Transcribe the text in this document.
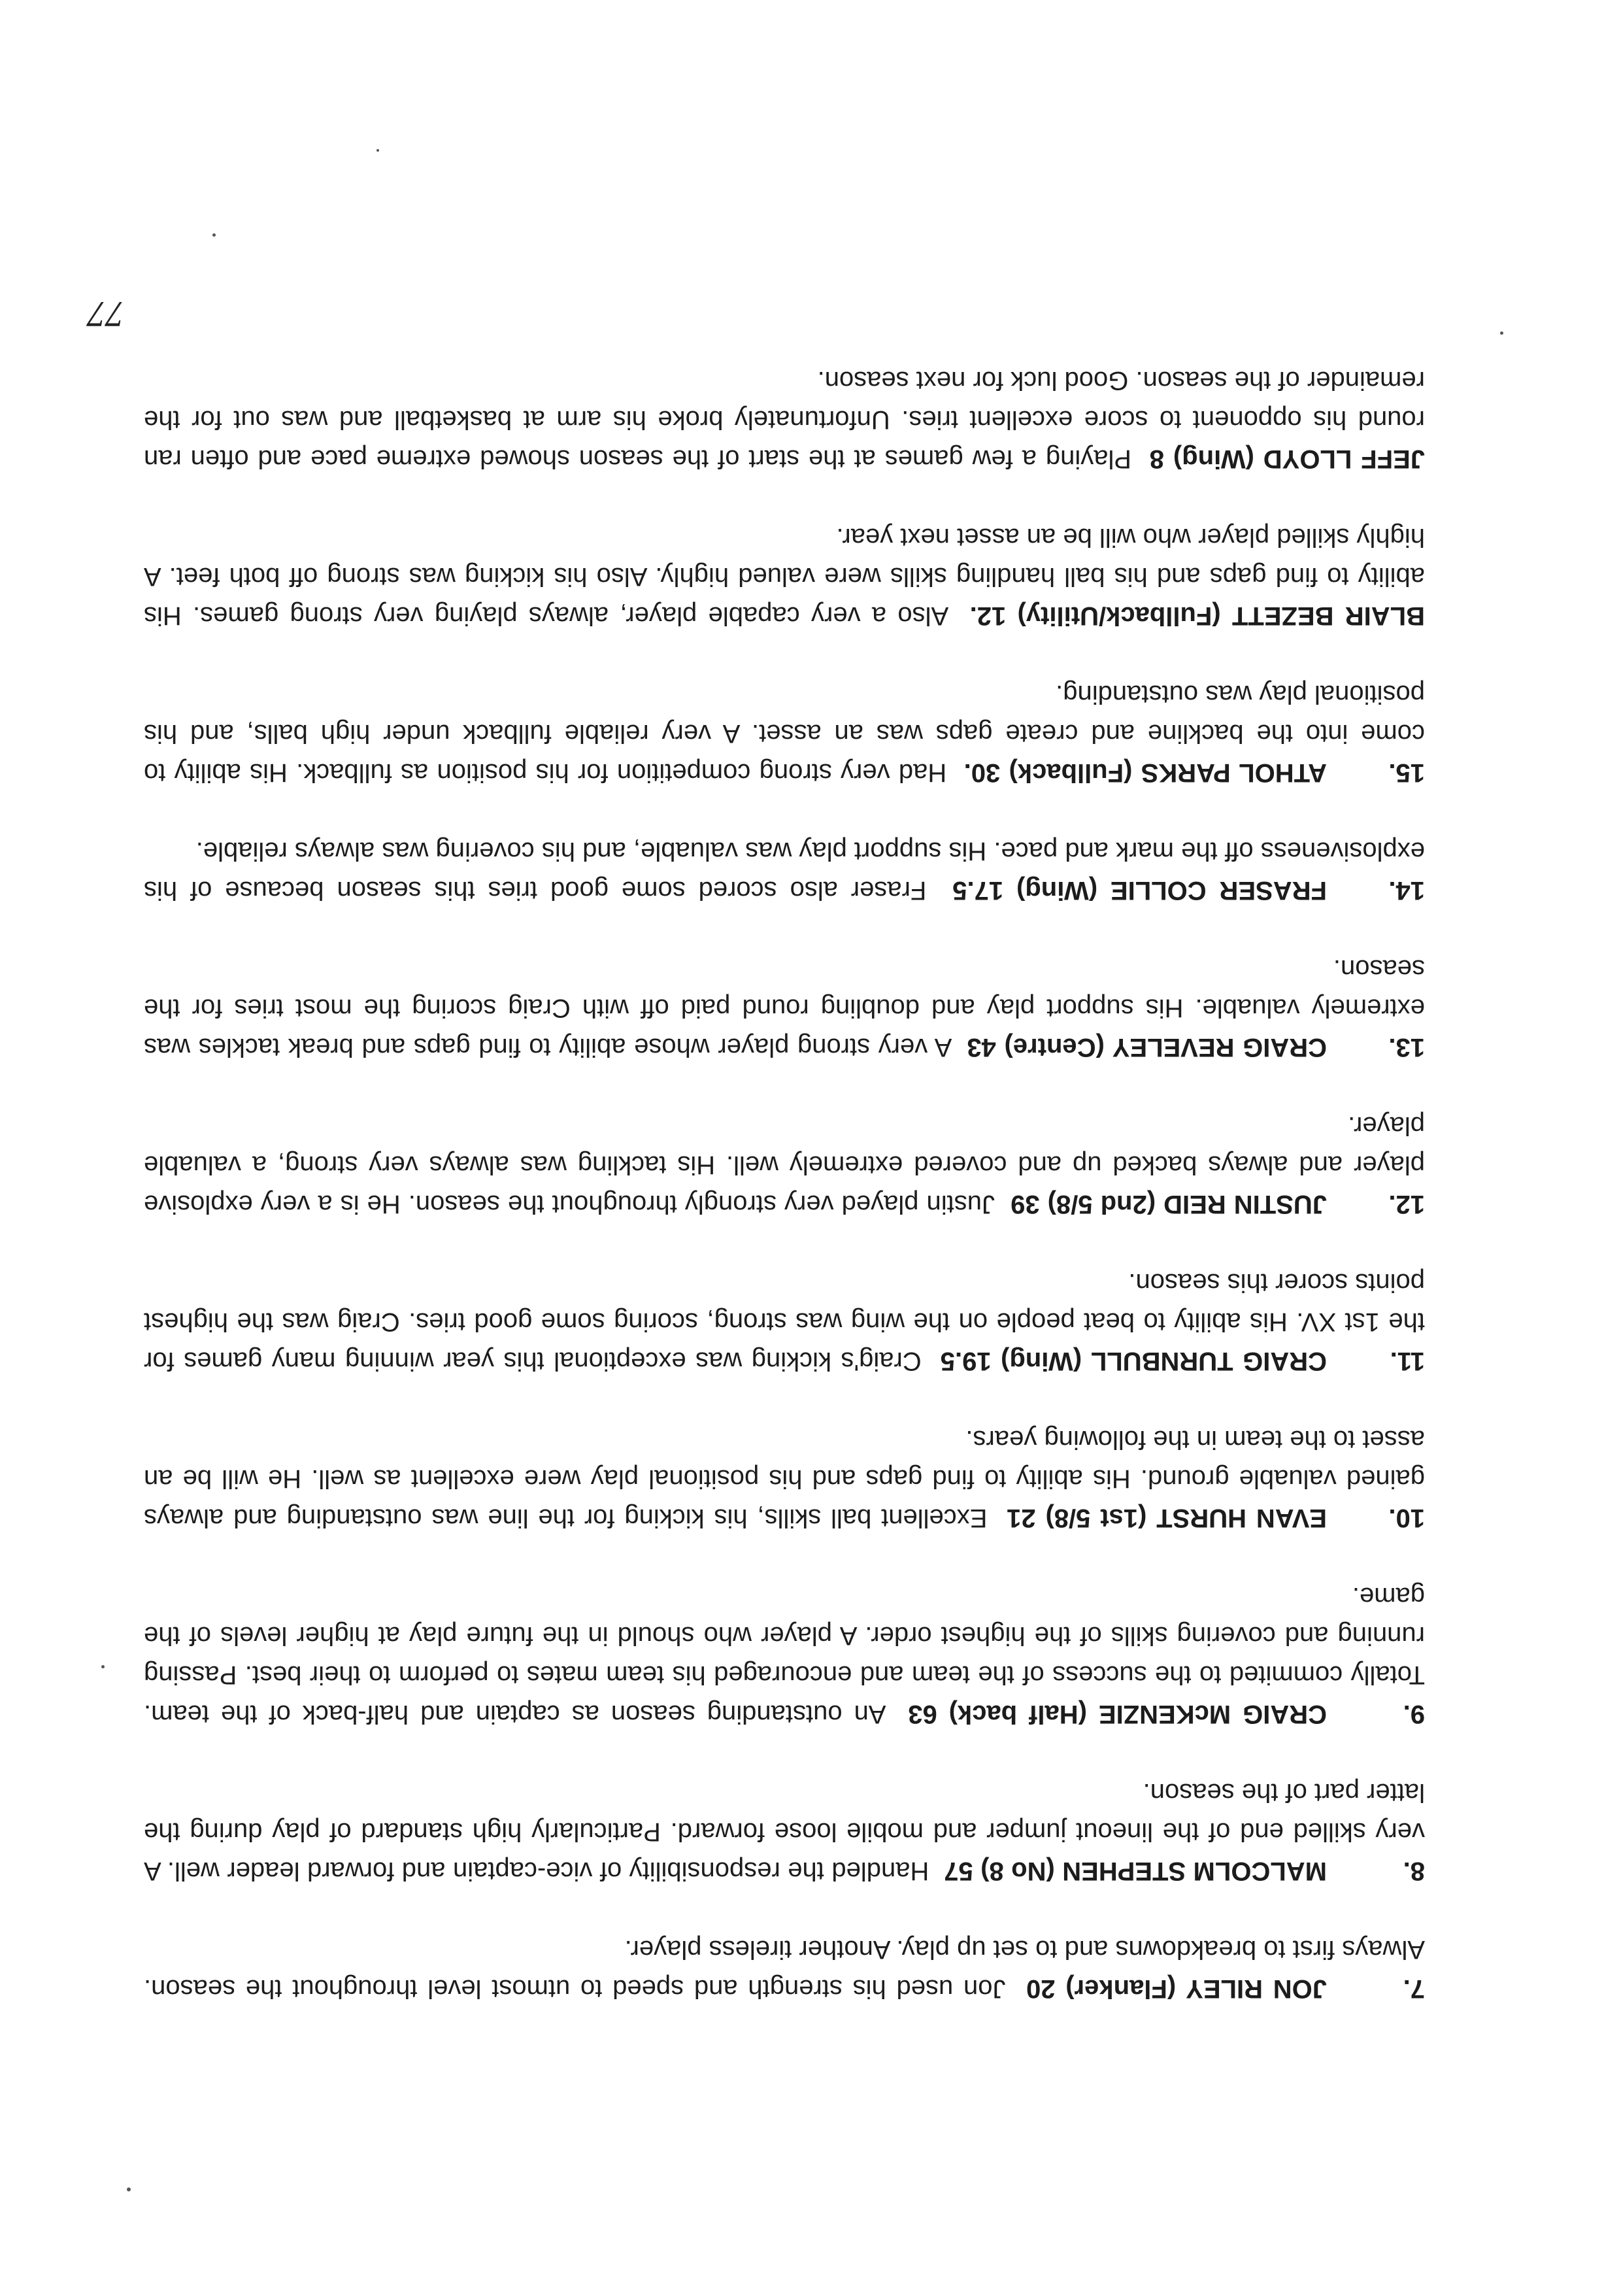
7.JON RILEY (Flanker) 20  Jon used his strength and speed to utmost level throughout the season. Always first to breakdowns and to set up play. Another tireless player.

8.MALCOLM STEPHEN (No 8) 57  Handled the responsibility of vice-captain and forward leader well. A very skilled end of the lineout jumper and mobile loose forward. Particularly high standard of play during the latter part of the season.

9.CRAIG McKENZIE (Half back) 63  An outstanding season as captain and half-back of the team. Totally commited to the success of the team and encouraged his team mates to perform to their best. Passing running and covering skills of the highest order. A player who should in the future play at higher levels of the game.

10.EVAN HURST (1st 5/8) 21  Excellent ball skills, his kicking for the line was outstanding and always gained valuable ground. His ability to find gaps and his positional play were excellent as well. He will be an asset to the team in the following years.

11.CRAIG TURNBULL (Wing) 19.5  Craig's kicking was exceptional this year winning many games for the 1st XV. His ability to beat people on the wing was strong, scoring some good tries. Craig was the highest points scorer this season.

12.JUSTIN REID (2nd 5/8) 39  Justin played very strongly throughout the season. He is a very explosive player and always backed up and covered extremely well. His tackling was always very strong, a valuable player.

13.CRAIG REVELEY (Centre) 43  A very strong player whose ability to find gaps and break tackles was extremely valuable. His support play and doubling round paid off with Craig scoring the most tries for the season.

14.FRASER COLLIE (Wing) 17.5  Fraser also scored some good tries this season because of his explosiveness off the mark and pace. His support play was valuable, and his covering was always reliable.

15.ATHOL PARKS (Fullback) 30.  Had very strong competition for his position as fullback. His ability to come into the backline and create gaps was an asset. A very reliable fullback under high balls, and his positional play was outstanding.

BLAIR BEZETT (Fullback/Utility) 12.  Also a very capable player, always playing very strong games. His ability to find gaps and his ball handling skills were valued highly. Also his kicking was strong off both feet. A highly skilled player who will be an asset next year.

JEFF LLOYD (Wing) 8  Playing a few games at the start of the season showed extreme pace and often ran round his opponent to score excellent tries. Unfortunately broke his arm at basketball and was out for the remainder of the season. Good luck for next season.

77
